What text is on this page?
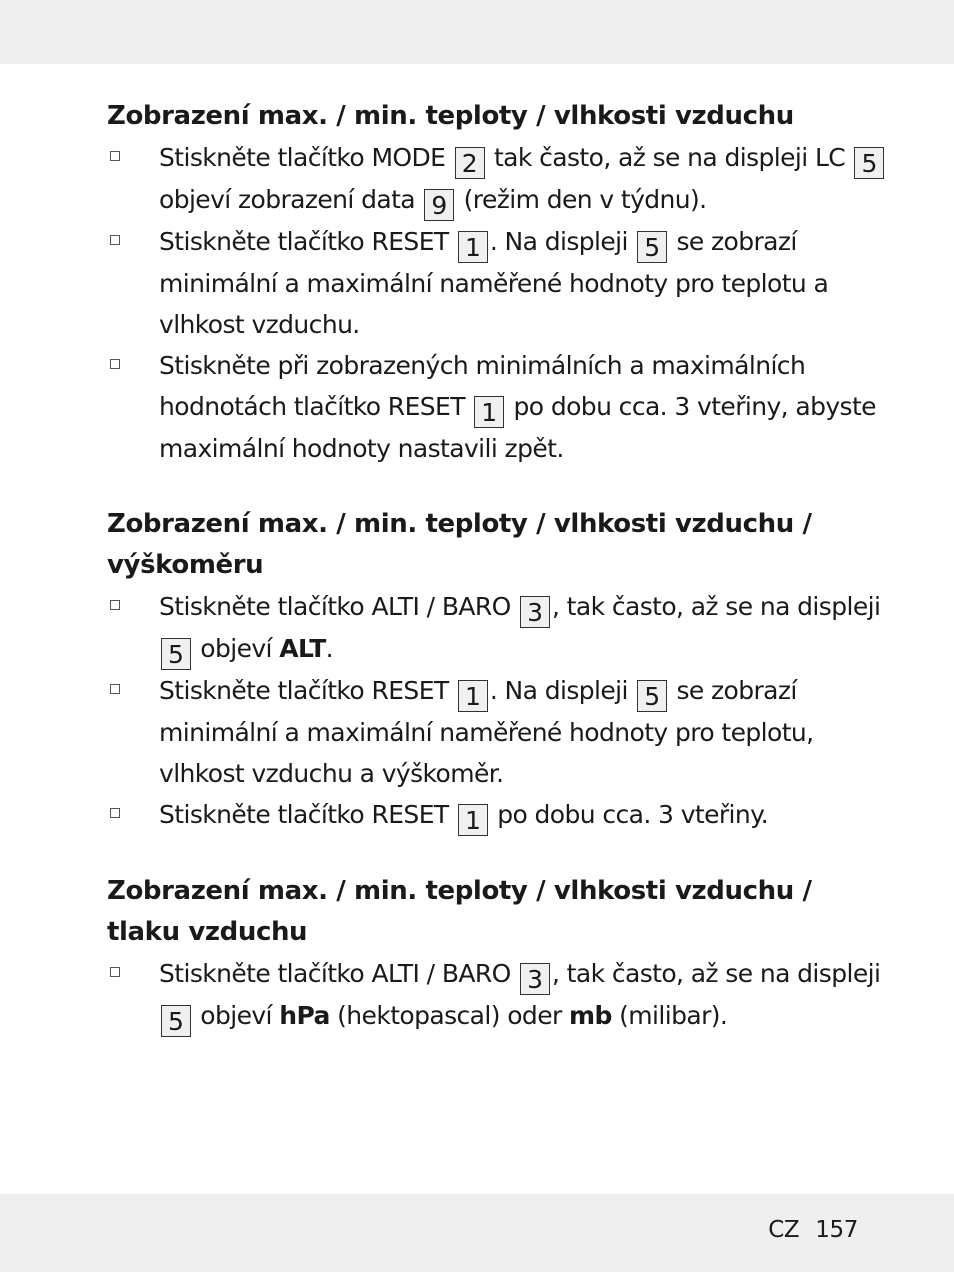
Zobrazení max. / min. teploty / vlhkosti vzduchu
Stiskněte tlačítko MODE 2 tak často, až se na displeji LC 5 objeví zobrazení data 9 (režim den v týdnu).
Stiskněte tlačítko RESET 1 . Na displeji 5 se zobrazí minimální a maximální naměřené hodnoty pro teplotu a vlhkost vzduchu.
Stiskněte při zobrazených minimálních a maximálních hodnotách tlačítko RESET 1 po dobu cca. 3 vteřiny, abyste maximální hodnoty nastavili zpět.
Zobrazení max. / min. teploty / vlhkosti vzduchu / výškoměru
Stiskněte tlačítko ALTI / BARO 3 , tak často, až se na displeji 5 objeví ALT.
Stiskněte tlačítko RESET 1 . Na displeji 5 se zobrazí minimální a maximální naměřené hodnoty pro teplotu, vlhkost vzduchu a výškoměr.
Stiskněte tlačítko RESET 1 po dobu cca. 3 vteřiny.
Zobrazení max. / min. teploty / vlhkosti vzduchu / tlaku vzduchu
Stiskněte tlačítko ALTI / BARO 3 , tak často, až se na displeji 5 objeví hPa (hektopascal) oder mb (milibar).
CZ 157
